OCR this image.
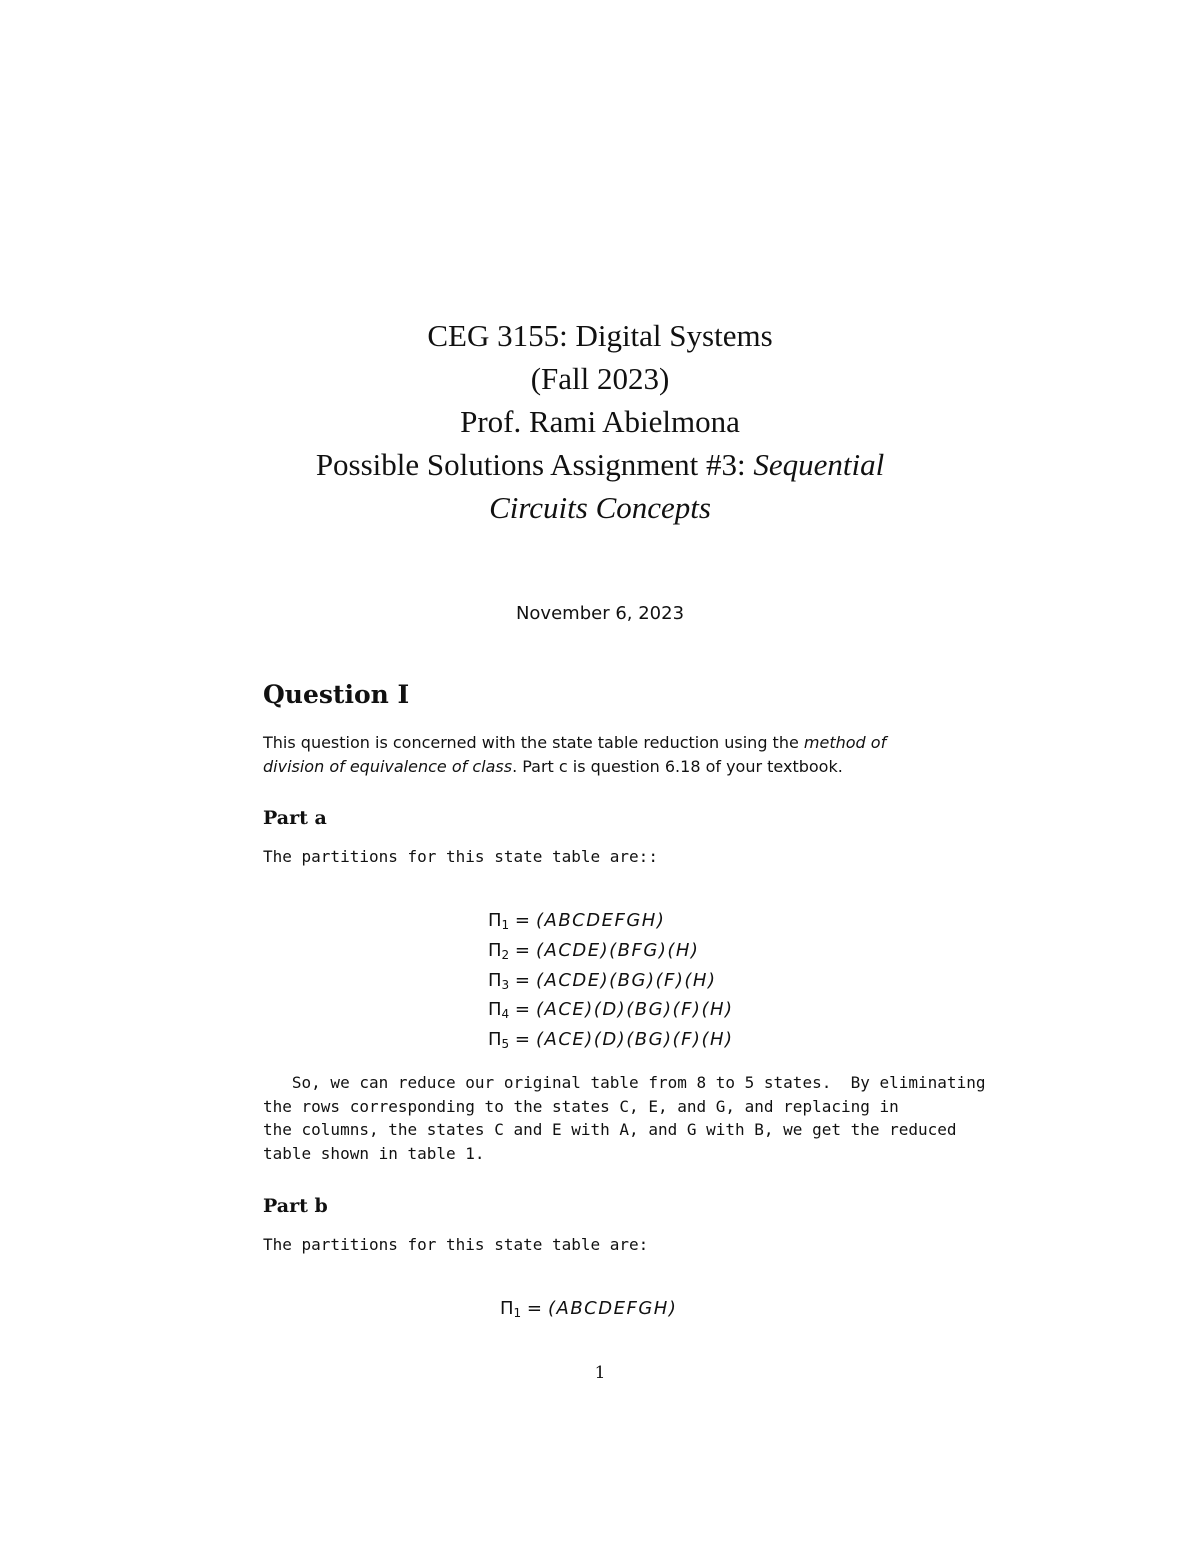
CEG 3155: Digital Systems
(Fall 2023)
Prof. Rami Abielmona
Possible Solutions Assignment #3: Sequential
Circuits Concepts
November 6, 2023
Question I
This question is concerned with the state table reduction using the method of
division of equivalence of class. Part c is question 6.18 of your textbook.
Part a
The partitions for this state table are::
$\Pi_1$ = (ABCDEFGH)
$\Pi_2$ = (ACDE)(BFG)(H)
$\Pi_3$ = (ACDE)(BG)(F)(H)
$\Pi_4 = (ACE)(D)(BG)(F)(H)$
$\Pi_5 = (ACE)(D)(BG)(F)(H)$
So, we can reduce our original table from 8 to 5 states.  By eliminating
the rows corresponding to the states C, E, and G, and replacing in
the columns, the states C and E with A, and G with B, we get the reduced
table shown in table 1.
Part b
The partitions for this state table are:
$\Pi_1$ = (ABCDEFGH)
1
